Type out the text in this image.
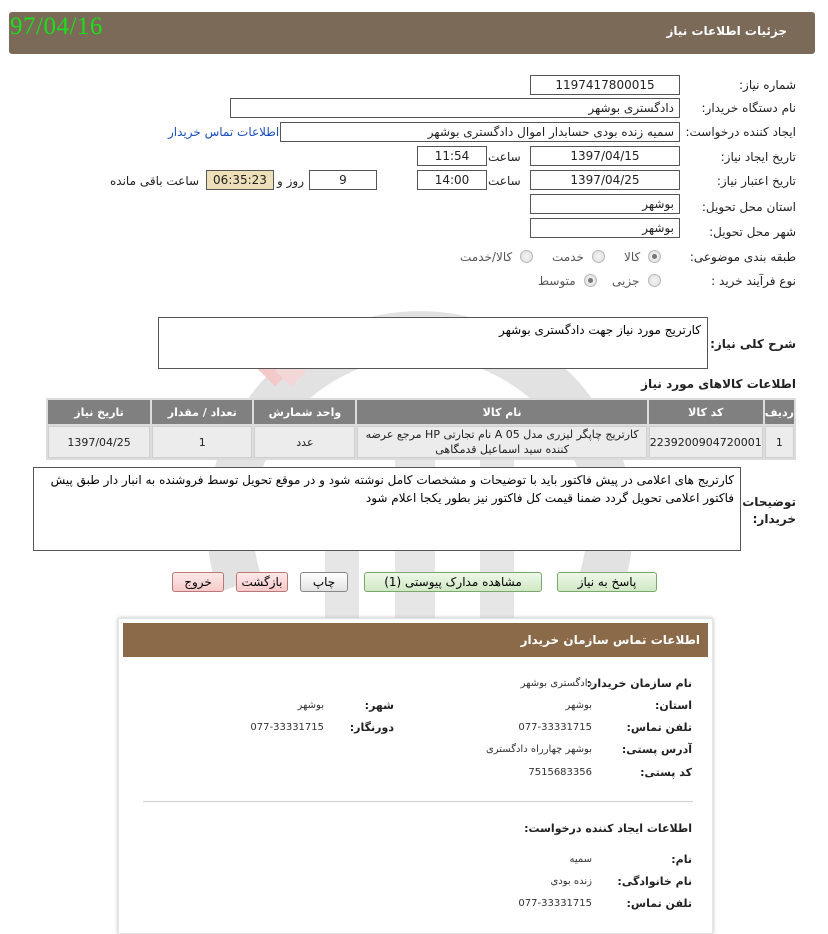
جزئیات اطلاعات نیاز
97/04/16
شماره نیاز:
1197417800015
نام دستگاه خریدار:
دادگستری بوشهر
ایجاد کننده درخواست:
سمیه زنده بودی حسابدار اموال دادگستری بوشهر
اطلاعات تماس خریدار
تاریخ ایجاد نیاز:
1397/04/15
ساعت
11:54
تاریخ اعتبار نیاز:
1397/04/25
ساعت
14:00
9
روز و
06:35:23
ساعت باقی مانده
استان محل تحویل:
بوشهر
شهر محل تحویل:
بوشهر
طبقه بندی موضوعی:
کالا
خدمت
کالا/خدمت
نوع فرآیند خرید :
جزیی
متوسط
شرح کلی نیاز:
کارتریج مورد نیاز جهت دادگستری بوشهر
اطلاعات کالاهای مورد نیاز
ردیف	کد کالا	نام کالا	واحد شمارش	تعداد / مقدار	تاریخ نیاز
1	2239200904720001	کارتریج چاپگر لیزری مدل A 05 نام تجارتی HP مرجع عرضه کننده سید اسماعیل قدمگاهی	عدد	1	1397/04/25
توضیحات خریدار:
کارتریج های اعلامی در پیش فاکتور باید با توضیحات و مشخصات کامل نوشته شود و در موقع تحویل توسط فروشنده به انبار دار طبق پیش فاکتور اعلامی تحویل گردد ضمنا قیمت کل فاکتور نیز بطور یکجا اعلام شود
پاسخ به نیاز
مشاهده مدارک پیوستی (1)
چاپ
بازگشت
خروج
اطلاعات تماس سازمان خریدار
نام سازمان خریدار:
دادگستری بوشهر
استان:
بوشهر
شهر:
بوشهر
تلفن تماس:
077-33331715
دورنگار:
077-33331715
آدرس پستی:
بوشهر چهارراه دادگستری
کد پستی:
7515683356
اطلاعات ایجاد کننده درخواست:
نام:
سمیه
نام خانوادگی:
زنده بودی
تلفن تماس:
077-33331715
